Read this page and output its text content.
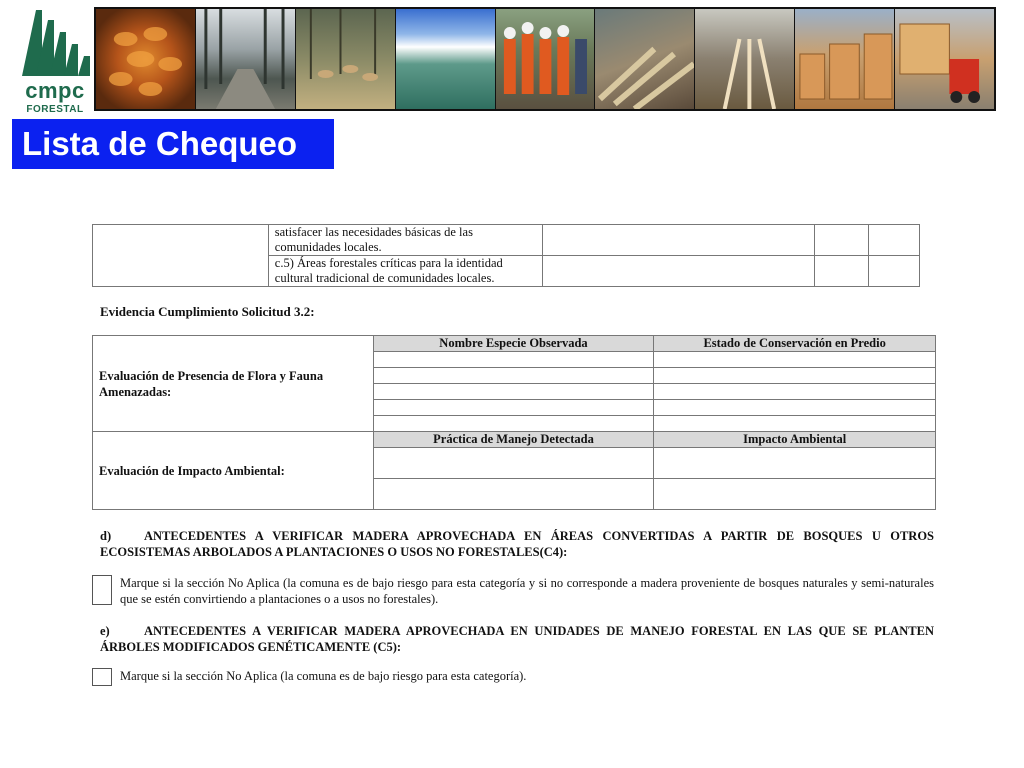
cmpc
FORESTAL
Lista de Chequeo
	satisfacer las necesidades básicas de las comunidades locales.			
	c.5) Áreas forestales críticas para la identidad cultural tradicional de comunidades locales.			
Evidencia Cumplimiento Solicitud 3.2:
Evaluación de Presencia de Flora y Fauna Amenazadas:	Nombre Especie Observada	Estado de Conservación en Predio

Evaluación de Impacto Ambiental:	Práctica de Manejo Detectada	Impacto Ambiental

d)	ANTECEDENTES A VERIFICAR MADERA APROVECHADA EN ÁREAS CONVERTIDAS A PARTIR DE BOSQUES U OTROS ECOSISTEMAS ARBOLADOS A PLANTACIONES O USOS NO FORESTALES(C4):
Marque si la sección No Aplica (la comuna es de bajo riesgo para esta categoría y si no corresponde a madera proveniente de bosques naturales y semi-naturales que se estén convirtiendo a plantaciones o a usos no forestales).
e)	ANTECEDENTES A VERIFICAR MADERA APROVECHADA EN UNIDADES DE MANEJO FORESTAL EN LAS QUE SE PLANTEN ÁRBOLES MODIFICADOS GENÉTICAMENTE (C5):
Marque si la sección No Aplica (la comuna es de bajo riesgo para esta categoría).
